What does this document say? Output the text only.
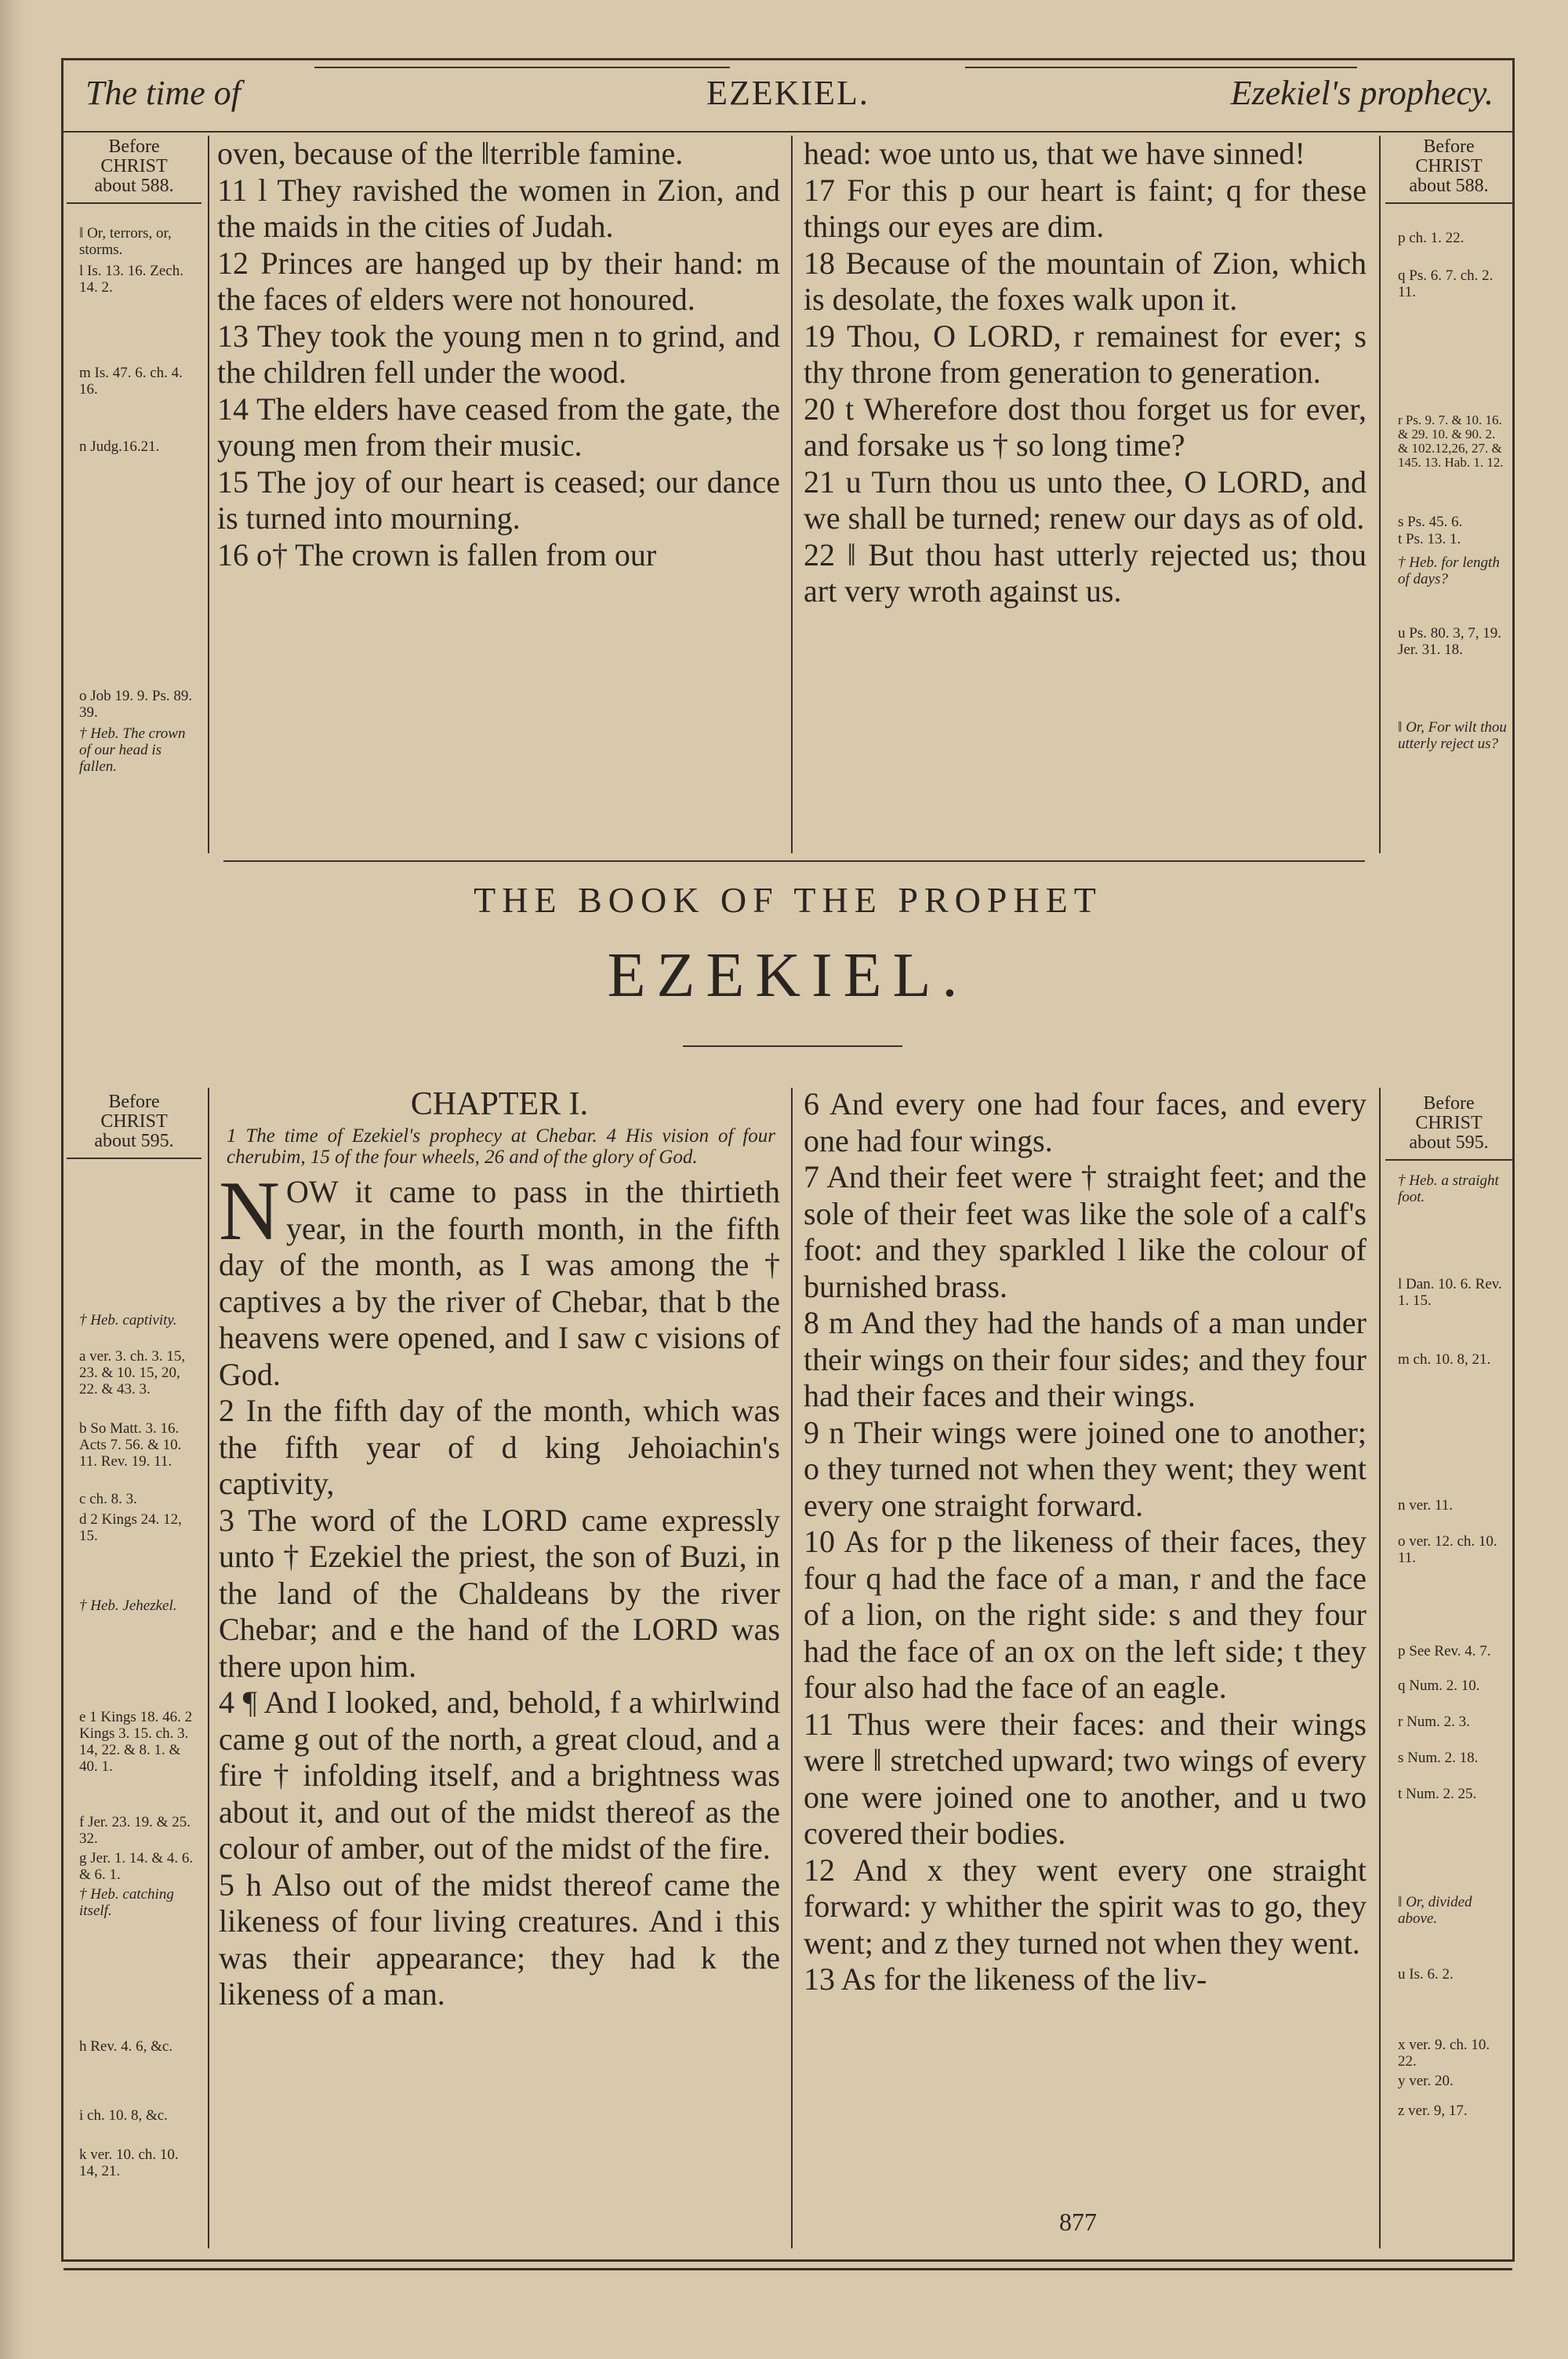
The time of	EZEKIEL.	Ezekiel's prophecy.
Before
CHRIST
about 588.
‖ Or, terrors, or, storms.
l Is. 13. 16. Zech. 14. 2.
m Is. 47. 6. ch. 4. 16.
n Judg.16.21.
o Job 19. 9. Ps. 89. 39.
† Heb. The crown of our head is fallen.

oven, because of the ‖terrible famine.

11 l They ravished the women in Zion, and the maids in the cities of Judah.

12 Princes are hanged up by their hand: m the faces of elders were not honoured.

13 They took the young men n to grind, and the children fell under the wood.

14 The elders have ceased from the gate, the young men from their music.

15 The joy of our heart is ceased; our dance is turned into mourning.

16 o† The crown is fallen from our

head: woe unto us, that we have sinned!

17 For this p our heart is faint; q for these things our eyes are dim.

18 Because of the mountain of Zion, which is desolate, the foxes walk upon it.

19 Thou, O LORD, r remainest for ever; s thy throne from generation to generation.

20 t Wherefore dost thou forget us for ever, and forsake us † so long time?

21 u Turn thou us unto thee, O LORD, and we shall be turned; renew our days as of old.

22 ‖ But thou hast utterly rejected us; thou art very wroth against us.

Before
CHRIST
about 588.
p ch. 1. 22.
q Ps. 6. 7. ch. 2. 11.
r Ps. 9. 7. & 10. 16. & 29. 10. & 90. 2. & 102.12,26, 27. & 145. 13. Hab. 1. 12.
s Ps. 45. 6.
t Ps. 13. 1.
† Heb. for length of days?
u Ps. 80. 3, 7, 19. Jer. 31. 18.
‖ Or, For wilt thou utterly reject us?
THE BOOK OF THE PROPHET
EZEKIEL.
Before
CHRIST
about 595.
† Heb. captivity.
a ver. 3. ch. 3. 15, 23. & 10. 15, 20, 22. & 43. 3.
b So Matt. 3. 16. Acts 7. 56. & 10. 11. Rev. 19. 11.
c ch. 8. 3.
d 2 Kings 24. 12, 15.
† Heb. Jehezkel.
e 1 Kings 18. 46. 2 Kings 3. 15. ch. 3. 14, 22. & 8. 1. & 40. 1.
f Jer. 23. 19. & 25. 32.
g Jer. 1. 14. & 4. 6. & 6. 1.
† Heb. catching itself.
h Rev. 4. 6, &c.
i ch. 10. 8, &c.
k ver. 10. ch. 10. 14, 21.
CHAPTER I.
1 The time of Ezekiel's prophecy at Chebar. 4 His vision of four cherubim, 15 of the four wheels, 26 and of the glory of God.

NOW it came to pass in the thirtieth year, in the fourth month, in the fifth day of the month, as I was among the † captives a by the river of Chebar, that b the heavens were opened, and I saw c visions of God.

2 In the fifth day of the month, which was the fifth year of d king Jehoiachin's captivity,

3 The word of the LORD came expressly unto † Ezekiel the priest, the son of Buzi, in the land of the Chaldeans by the river Chebar; and e the hand of the LORD was there upon him.

4 ¶ And I looked, and, behold, f a whirlwind came g out of the north, a great cloud, and a fire † infolding itself, and a brightness was about it, and out of the midst thereof as the colour of amber, out of the midst of the fire.

5 h Also out of the midst thereof came the likeness of four living creatures. And i this was their appearance; they had k the likeness of a man.

6 And every one had four faces, and every one had four wings.

7 And their feet were † straight feet; and the sole of their feet was like the sole of a calf's foot: and they sparkled l like the colour of burnished brass.

8 m And they had the hands of a man under their wings on their four sides; and they four had their faces and their wings.

9 n Their wings were joined one to another; o they turned not when they went; they went every one straight forward.

10 As for p the likeness of their faces, they four q had the face of a man, r and the face of a lion, on the right side: s and they four had the face of an ox on the left side; t they four also had the face of an eagle.

11 Thus were their faces: and their wings were ‖ stretched upward; two wings of every one were joined one to another, and u two covered their bodies.

12 And x they went every one straight forward: y whither the spirit was to go, they went; and z they turned not when they went.

13 As for the likeness of the liv-

Before
CHRIST
about 595.
† Heb. a straight foot.
l Dan. 10. 6. Rev. 1. 15.
m ch. 10. 8, 21.
n ver. 11.
o ver. 12. ch. 10. 11.
p See Rev. 4. 7.
q Num. 2. 10.
r Num. 2. 3.
s Num. 2. 18.
t Num. 2. 25.
‖ Or, divided above.
u Is. 6. 2.
x ver. 9. ch. 10. 22.
y ver. 20.
z ver. 9, 17.
877
